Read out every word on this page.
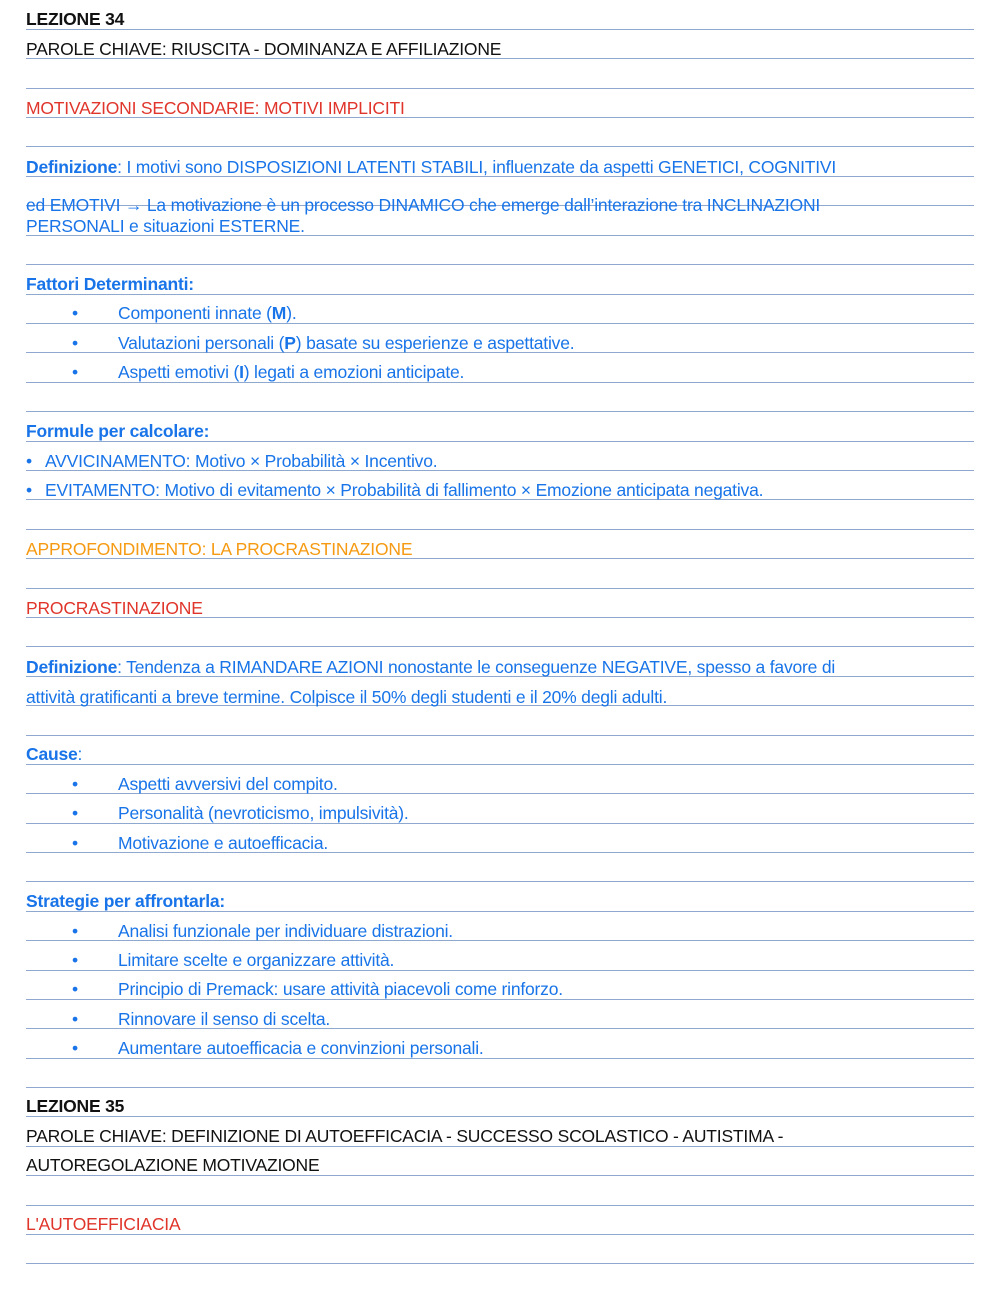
LEZIONE 34
PAROLE CHIAVE: RIUSCITA - DOMINANZA E AFFILIAZIONE
MOTIVAZIONI SECONDARIE: MOTIVI IMPLICITI
Definizione: I motivi sono DISPOSIZIONI LATENTI STABILI, influenzate da aspetti GENETICI, COGNITIVI
ed EMOTIVI → La motivazione è un processo DINAMICO che emerge dall’interazione tra INCLINAZIONI
PERSONALI e situazioni ESTERNE.
Fattori Determinanti:
• Componenti innate (M).
• Valutazioni personali (P) basate su esperienze e aspettative.
• Aspetti emotivi (I) legati a emozioni anticipate.
Formule per calcolare:
• AVVICINAMENTO: Motivo × Probabilità × Incentivo.
• EVITAMENTO: Motivo di evitamento × Probabilità di fallimento × Emozione anticipata negativa.
APPROFONDIMENTO: LA PROCRASTINAZIONE
PROCRASTINAZIONE
Definizione: Tendenza a RIMANDARE AZIONI nonostante le conseguenze NEGATIVE, spesso a favore di
attività gratificanti a breve termine. Colpisce il 50% degli studenti e il 20% degli adulti.
Cause:
• Aspetti avversivi del compito.
• Personalità (nevroticismo, impulsività).
• Motivazione e autoefficacia.
Strategie per affrontarla:
• Analisi funzionale per individuare distrazioni.
• Limitare scelte e organizzare attività.
• Principio di Premack: usare attività piacevoli come rinforzo.
• Rinnovare il senso di scelta.
• Aumentare autoefficacia e convinzioni personali.
LEZIONE 35
PAROLE CHIAVE: DEFINIZIONE DI AUTOEFFICACIA - SUCCESSO SCOLASTICO - AUTISTIMA -
AUTOREGOLAZIONE MOTIVAZIONE
L'AUTOEFFICIACIA
